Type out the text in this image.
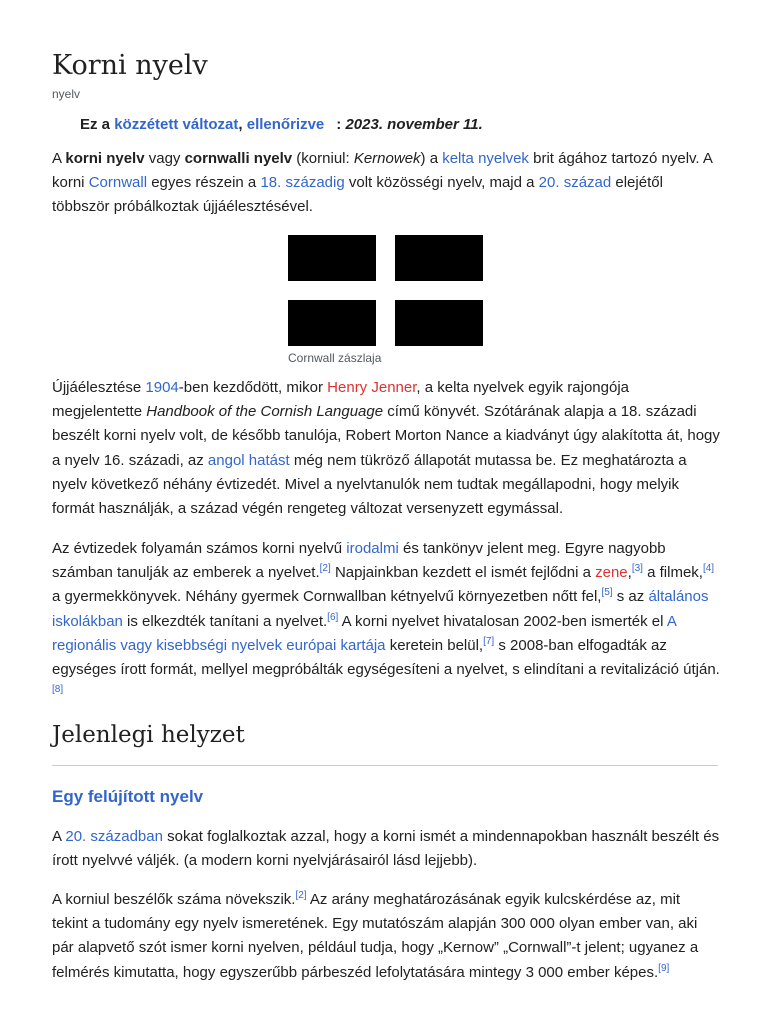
Korni nyelv
nyelv
Ez a közzétett változat, ellenőrizve : 2023. november 11.

A korni nyelv vagy cornwalli nyelv (korniul: Kernowek) a kelta nyelvek brit ágához tartozó nyelv. A korni Cornwall egyes részein a 18. századig volt közösségi nyelv, majd a 20. század elejétől többször próbálkoztak újjáélesztésével.

Cornwall zászlaja

Újjáélesztése 1904-ben kezdődött, mikor Henry Jenner, a kelta nyelvek egyik rajongója megjelentette Handbook of the Cornish Language című könyvét. Szótárának alapja a 18. századi beszélt korni nyelv volt, de később tanulója, Robert Morton Nance a kiadványt úgy alakította át, hogy a nyelv 16. századi, az angol hatást még nem tükröző állapotát mutassa be. Ez meghatározta a nyelv következő néhány évtizedét. Mivel a nyelvtanulók nem tudtak megállapodni, hogy melyik formát használják, a század végén rengeteg változat versenyzett egymással.

Az évtizedek folyamán számos korni nyelvű irodalmi és tankönyv jelent meg. Egyre nagyobb számban tanulják az emberek a nyelvet.[2] Napjainkban kezdett el ismét fejlődni a zene,[3] a filmek,[4] a gyermekkönyvek. Néhány gyermek Cornwallban kétnyelvű környezetben nőtt fel,[5] s az általános iskolákban is elkezdték tanítani a nyelvet.[6] A korni nyelvet hivatalosan 2002-ben ismerték el A regionális vagy kisebbségi nyelvek európai kartája keretein belül,[7] s 2008-ban elfogadták az egységes írott formát, mellyel megpróbálták egységesíteni a nyelvet, s elindítani a revitalizáció útján.[8]

Jelenlegi helyzet
Egy felújított nyelv

A 20. században sokat foglalkoztak azzal, hogy a korni ismét a mindennapokban használt beszélt és írott nyelvvé váljék. (a modern korni nyelvjárásairól lásd lejjebb).

A korniul beszélők száma növekszik.[2] Az arány meghatározásának egyik kulcskérdése az, mit tekint a tudomány egy nyelv ismeretének. Egy mutatószám alapján 300 000 olyan ember van, aki pár alapvető szót ismer korni nyelven, például tudja, hogy „Kernow” „Cornwall”-t jelent; ugyanez a felmérés kimutatta, hogy egyszerűbb párbeszéd lefolytatására mintegy 3 000 ember képes.[9]
